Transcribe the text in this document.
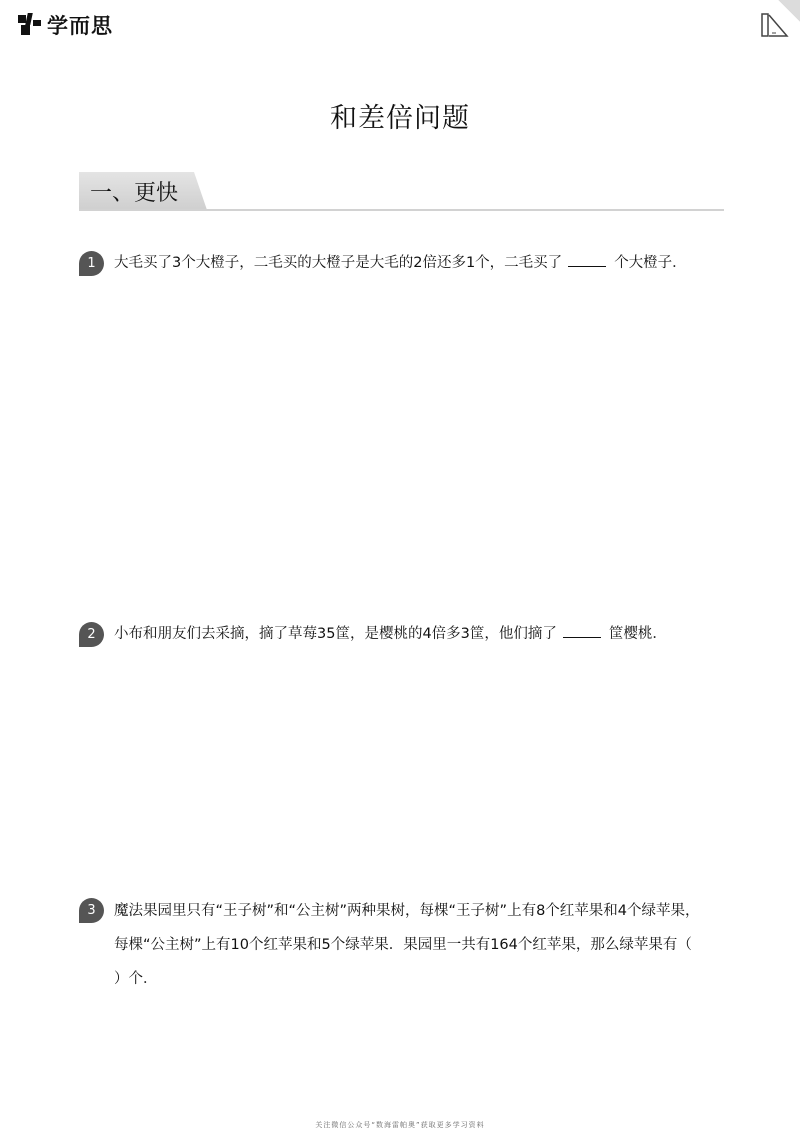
学而思
和差倍问题
一、更快
1	大毛买了3个大橙子，二毛买的大橙子是大毛的2倍还多1个，二毛买了	个大橙子．
2	小布和朋友们去采摘，摘了草莓35筐，是樱桃的4倍多3筐，他们摘了	筐樱桃．
3	魔法果园里只有“王子树”和“公主树”两种果树，每棵“王子树”上有8个红苹果和4个绿苹果，
每棵“公主树”上有10个红苹果和5个绿苹果．果园里一共有164个红苹果，那么绿苹果有（
）个．
关注微信公众号“数海雷帕奥”获取更多学习资料
